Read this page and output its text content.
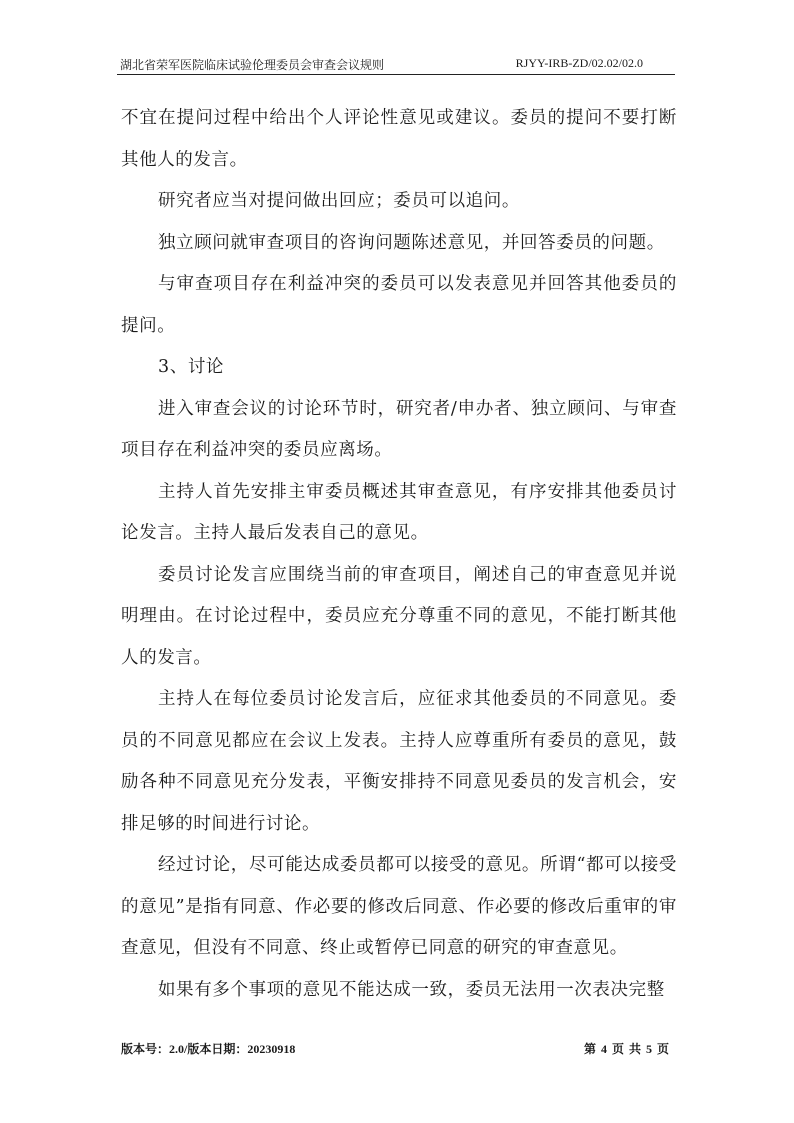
湖北省荣军医院临床试验伦理委员会审查会议规则	RJYY-IRB-ZD/02.02/02.0

不宜在提问过程中给出个人评论性意见或建议。委员的提问不要打断其他人的发言。

研究者应当对提问做出回应；委员可以追问。

独立顾问就审查项目的咨询问题陈述意见，并回答委员的问题。

与审查项目存在利益冲突的委员可以发表意见并回答其他委员的提问。

3、讨论

进入审查会议的讨论环节时，研究者/申办者、独立顾问、与审查项目存在利益冲突的委员应离场。

主持人首先安排主审委员概述其审查意见，有序安排其他委员讨论发言。主持人最后发表自己的意见。

委员讨论发言应围绕当前的审查项目，阐述自己的审查意见并说明理由。在讨论过程中，委员应充分尊重不同的意见，不能打断其他人的发言。

主持人在每位委员讨论发言后，应征求其他委员的不同意见。委员的不同意见都应在会议上发表。主持人应尊重所有委员的意见，鼓励各种不同意见充分发表，平衡安排持不同意见委员的发言机会，安排足够的时间进行讨论。

经过讨论，尽可能达成委员都可以接受的意见。所谓“都可以接受的意见”是指有同意、作必要的修改后同意、作必要的修改后重审的审查意见，但没有不同意、终止或暂停已同意的研究的审查意见。

如果有多个事项的意见不能达成一致，委员无法用一次表决完整

版本号：2.0/版本日期：20230918	第 4 页 共 5 页
